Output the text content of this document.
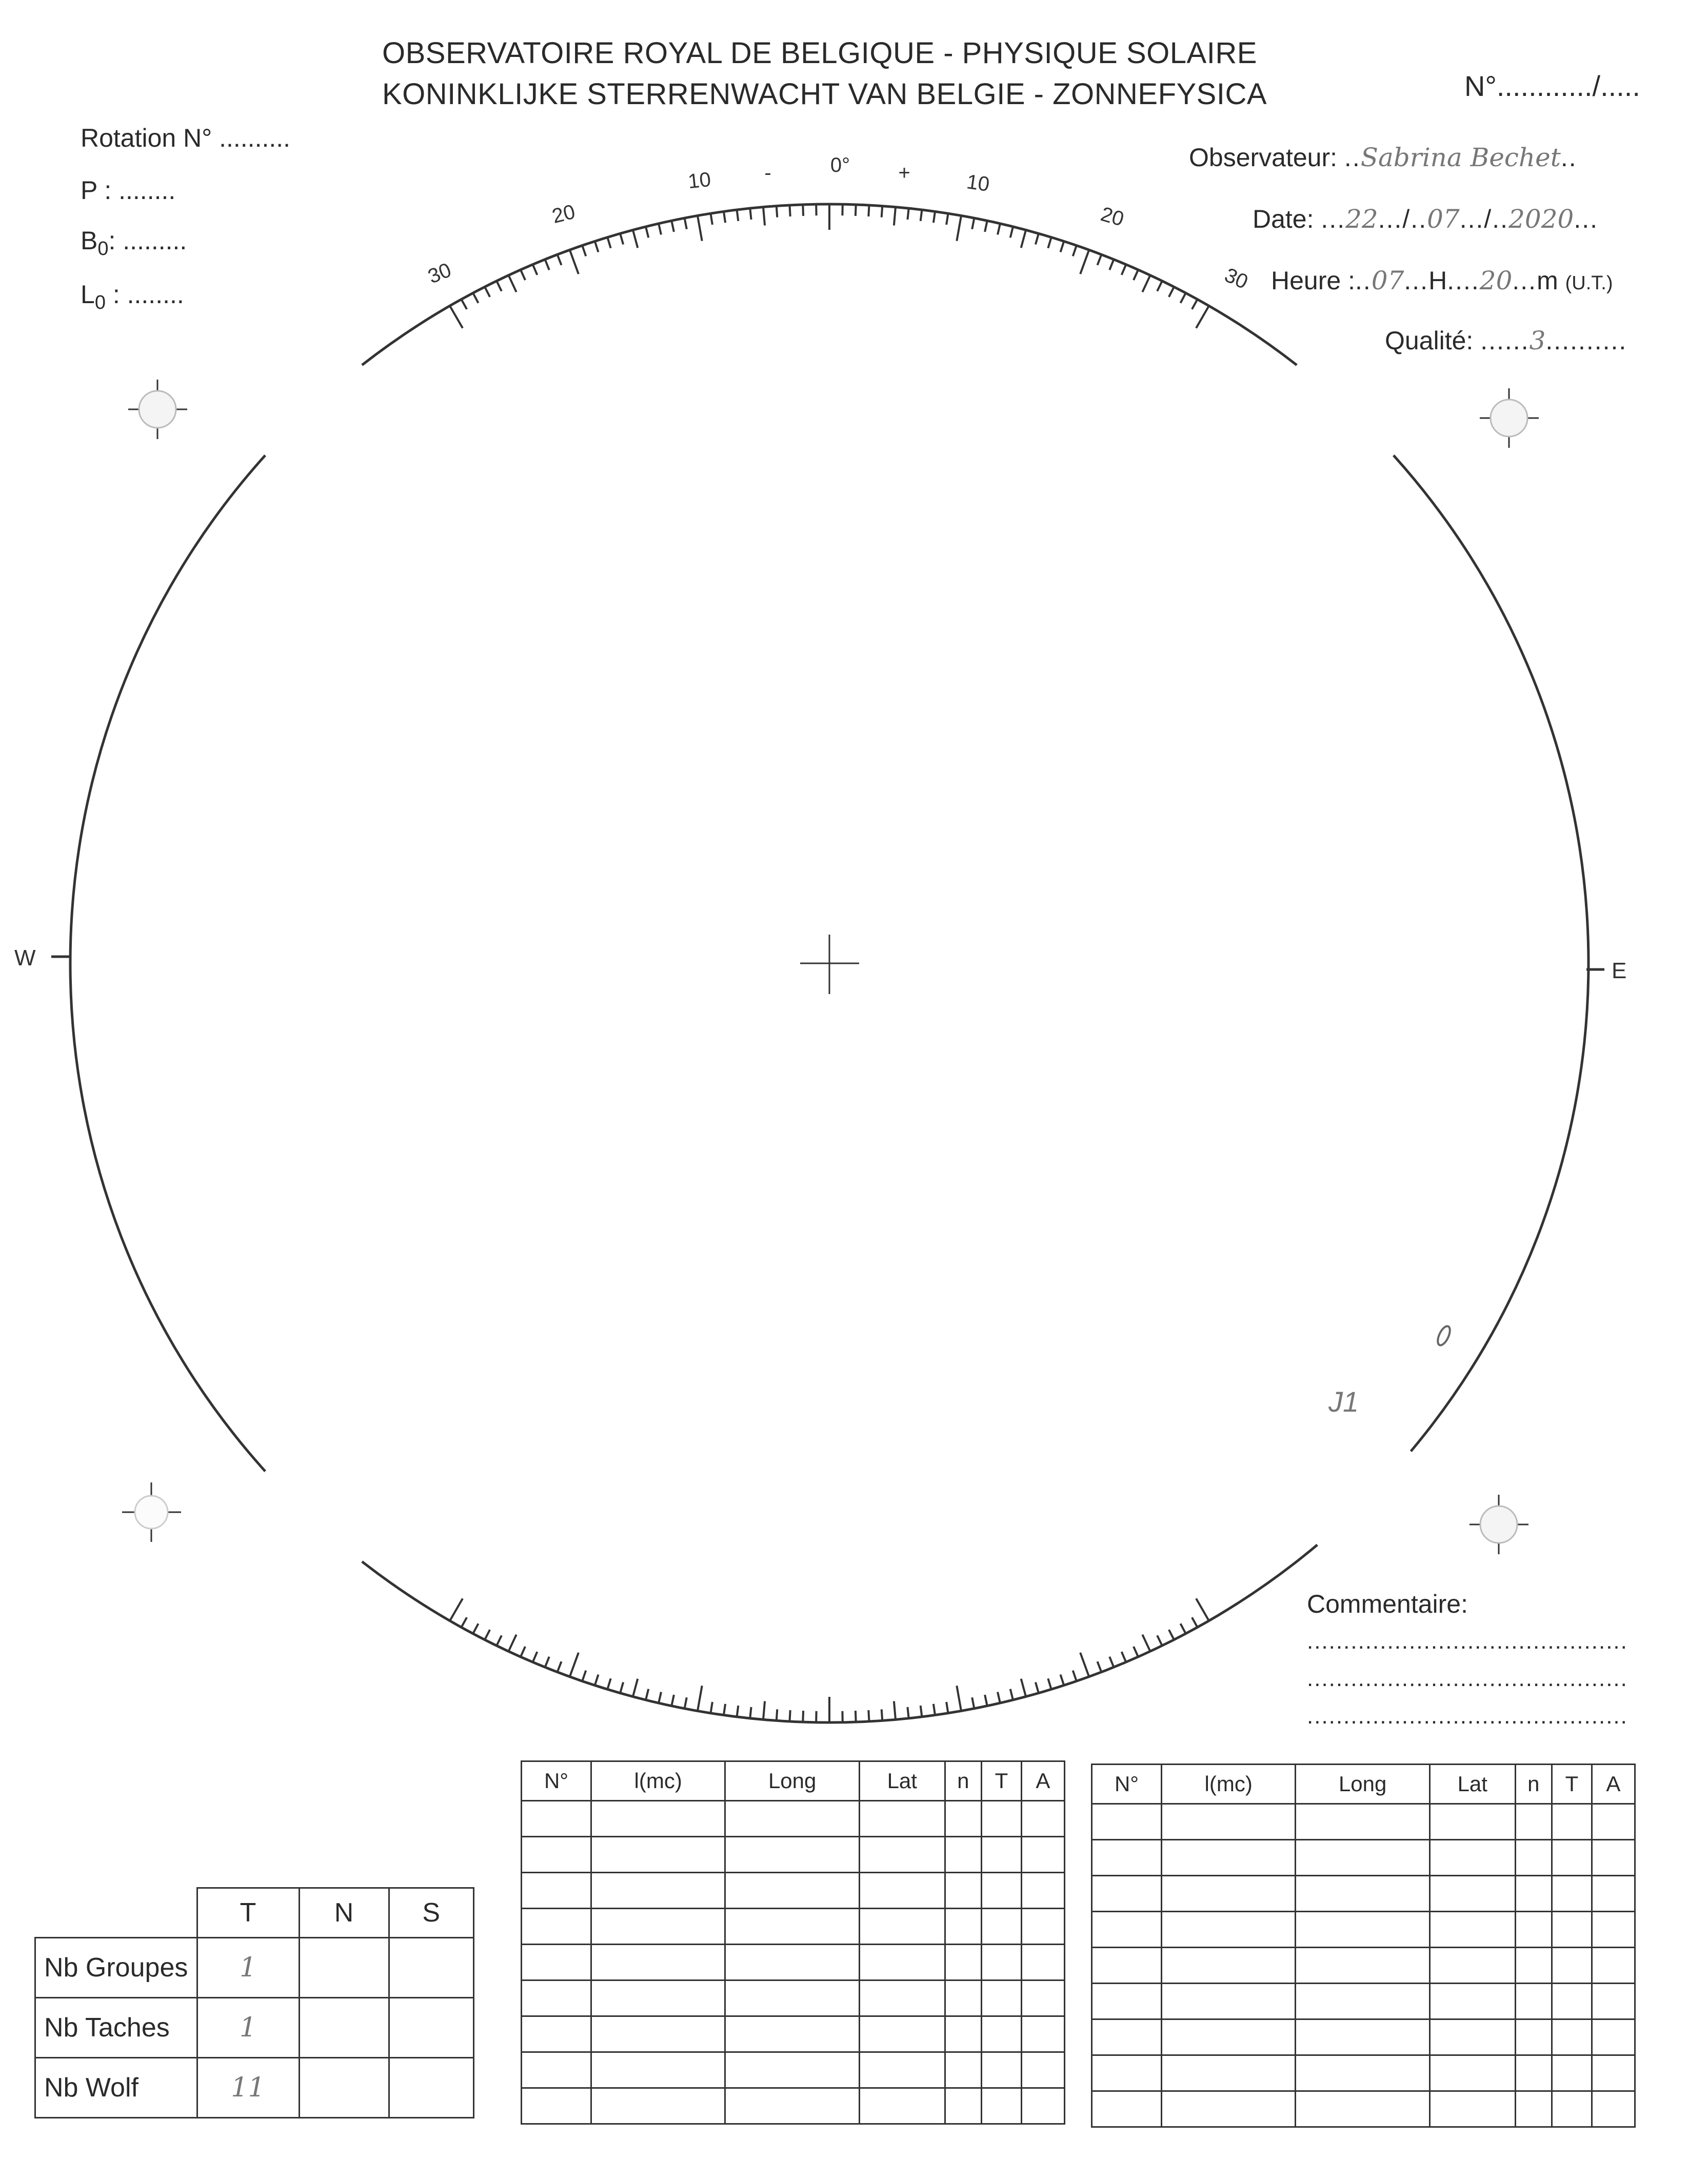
OBSERVATOIRE ROYAL DE BELGIQUE - PHYSIQUE SOLAIRE
KONINKLIJKE STERRENWACHT VAN BELGIE - ZONNEFYSICA	N°............/.....
Rotation N° ..........
P : ........
$B_0$: .........
$L_0$ : ........
Observateur: ..Sabrina Bechet..
Date: ...22.../..07.../..2020...
Heure :..07...H....20...m (U.T.)
Qualité: ......3..........
W
E
J1
30
20
10	-	0° +	10
20
30
Commentaire:
............................................
............................................
............................................
N°	l(mc)	Long	Lat	n	T	A

							N°	l(mc)	Long	Lat	n	T	A

	T	N	S
Nb Groupes	1		
Nb Taches	1		
Nb Wolf	11		
